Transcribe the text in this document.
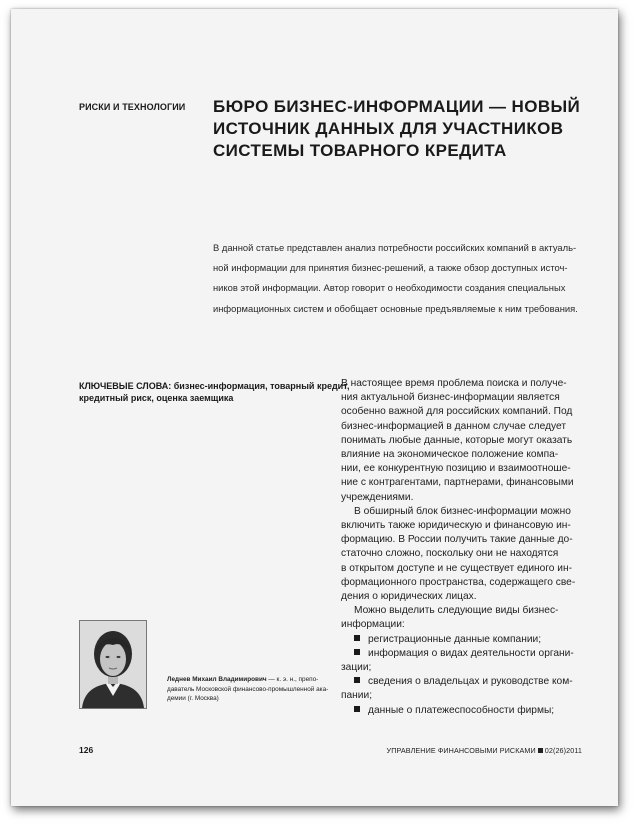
РИСКИ И ТЕХНОЛОГИИ БЮРО БИЗНЕС-ИНФОРМАЦИИ — НОВЫЙ
ИСТОЧНИК ДАННЫХ ДЛЯ УЧАСТНИКОВ
СИСТЕМЫ ТОВАРНОГО КРЕДИТА
В данной статье представлен анализ потребности российских компаний в актуаль-
ной информации для принятия бизнес-решений, а также обзор доступных источ-
ников этой информации. Автор говорит о необходимости создания специальных
информационных систем и обобщает основные предъявляемые к ним требования.
КЛЮЧЕВЫЕ СЛОВА: бизнес-информация, товарный кредит,
кредитный риск, оценка заемщика
В настоящее время проблема поиска и получе-
ния актуальной бизнес-информации является
особенно важной для российских компаний. Под
бизнес-информацией в данном случае следует
понимать любые данные, которые могут оказать
влияние на экономическое положение компа-
нии, ее конкурентную позицию и взаимоотноше-
ние с контрагентами, партнерами, финансовыми
учреждениями.
В обширный блок бизнес-информации можно
включить также юридическую и финансовую ин-
формацию. В России получить такие данные до-
статочно сложно, поскольку они не находятся
в открытом доступе и не существует единого ин-
формационного пространства, содержащего све-
дения о юридических лицах.
Можно выделить следующие виды бизнес-
информации:
регистрационные данные компании;
информация о видах деятельности органи-
зации;
сведения о владельцах и руководстве ком-
пании;
данные о платежеспособности фирмы;
Леднев Михаил Владимирович — к. э. н., препо-
даватель Московской финансово-промышленной ака-
демии (г. Москва)
126	УПРАВЛЕНИЕ ФИНАНСОВЫМИ РИСКАМИ 02(26)2011
